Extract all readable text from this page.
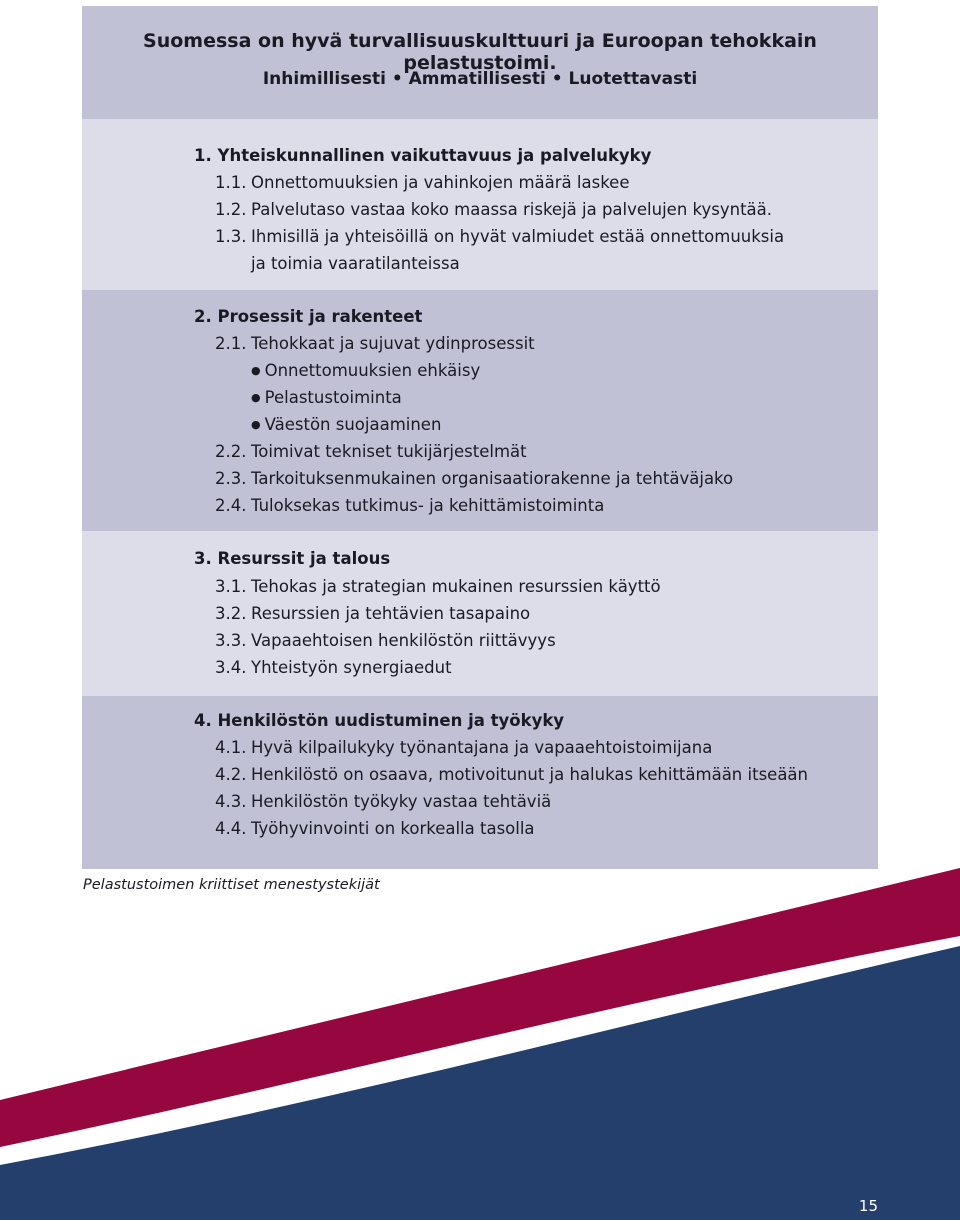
Suomessa on hyvä turvallisuuskulttuuri ja Euroopan tehokkain pelastustoimi.
Inhimillisesti • Ammatillisesti • Luotettavasti
1. Yhteiskunnallinen vaikuttavuus ja palvelukyky
1.1. Onnettomuuksien ja vahinkojen määrä laskee
1.2. Palvelutaso vastaa koko maassa riskejä ja palvelujen kysyntää.
1.3. Ihmisillä ja yhteisöillä on hyvät valmiudet estää onnettomuuksia
ja toimia vaaratilanteissa
2. Prosessit ja rakenteet
2.1. Tehokkaat ja sujuvat ydinprosessit
● Onnettomuuksien ehkäisy
● Pelastustoiminta
● Väestön suojaaminen
2.2. Toimivat tekniset tukijärjestelmät
2.3. Tarkoituksenmukainen organisaatiorakenne ja tehtäväjako
2.4. Tuloksekas tutkimus- ja kehittämistoiminta
3. Resurssit ja talous
3.1. Tehokas ja strategian mukainen resurssien käyttö
3.2. Resurssien ja tehtävien tasapaino
3.3. Vapaaehtoisen henkilöstön riittävyys
3.4. Yhteistyön synergiaedut
4. Henkilöstön uudistuminen ja työkyky
4.1. Hyvä kilpailukyky työnantajana ja vapaaehtoistoimijana
4.2. Henkilöstö on osaava, motivoitunut ja halukas kehittämään itseään
4.3. Henkilöstön työkyky vastaa tehtäviä
4.4. Työhyvinvointi on korkealla tasolla
Pelastustoimen kriittiset menestystekijät
15
